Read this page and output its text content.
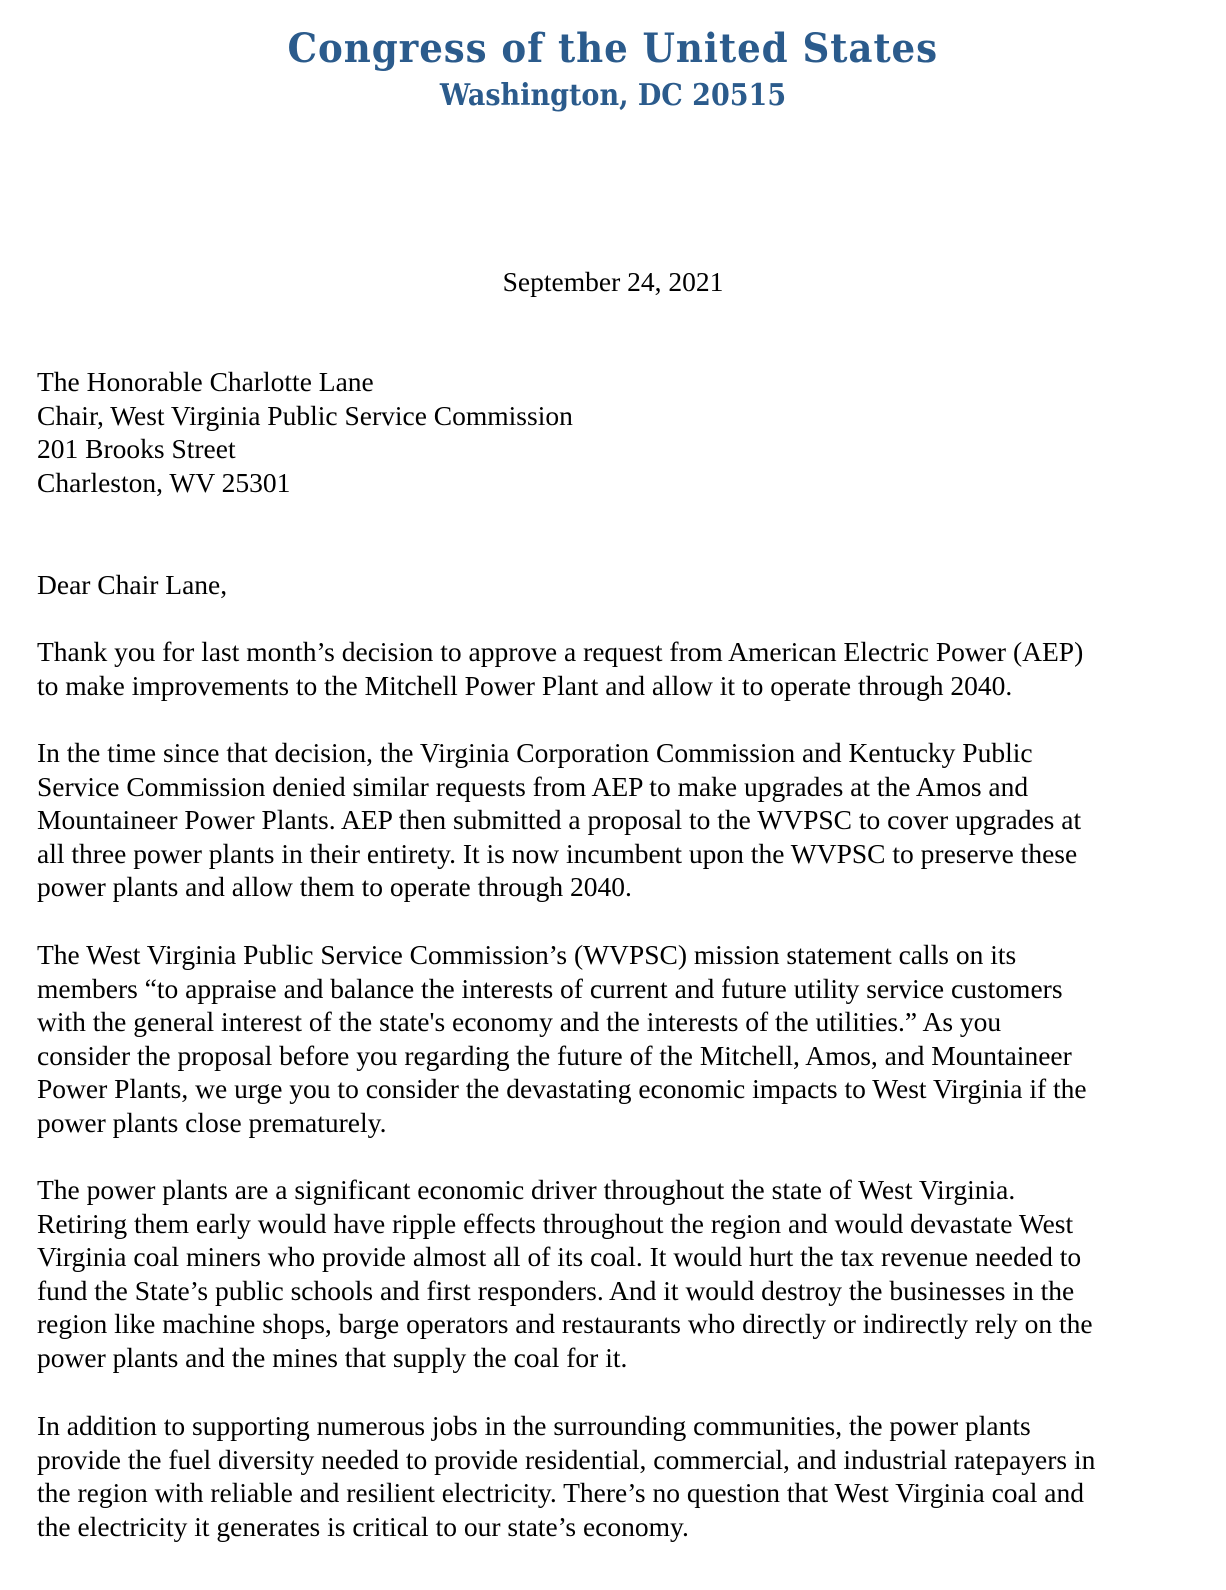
Congress of the United States
Washington, DC 20515
September 24, 2021
The Honorable Charlotte Lane
Chair, West Virginia Public Service Commission
201 Brooks Street
Charleston, WV 25301
Dear Chair Lane,
Thank you for last month’s decision to approve a request from American Electric Power (AEP)
to make improvements to the Mitchell Power Plant and allow it to operate through 2040.
In the time since that decision, the Virginia Corporation Commission and Kentucky Public
Service Commission denied similar requests from AEP to make upgrades at the Amos and
Mountaineer Power Plants. AEP then submitted a proposal to the WVPSC to cover upgrades at
all three power plants in their entirety. It is now incumbent upon the WVPSC to preserve these
power plants and allow them to operate through 2040.
The West Virginia Public Service Commission’s (WVPSC) mission statement calls on its
members “to appraise and balance the interests of current and future utility service customers
with the general interest of the state's economy and the interests of the utilities.” As you
consider the proposal before you regarding the future of the Mitchell, Amos, and Mountaineer
Power Plants, we urge you to consider the devastating economic impacts to West Virginia if the
power plants close prematurely.
The power plants are a significant economic driver throughout the state of West Virginia.
Retiring them early would have ripple effects throughout the region and would devastate West
Virginia coal miners who provide almost all of its coal. It would hurt the tax revenue needed to
fund the State’s public schools and first responders. And it would destroy the businesses in the
region like machine shops, barge operators and restaurants who directly or indirectly rely on the
power plants and the mines that supply the coal for it.
In addition to supporting numerous jobs in the surrounding communities, the power plants
provide the fuel diversity needed to provide residential, commercial, and industrial ratepayers in
the region with reliable and resilient electricity. There’s no question that West Virginia coal and
the electricity it generates is critical to our state’s economy.
